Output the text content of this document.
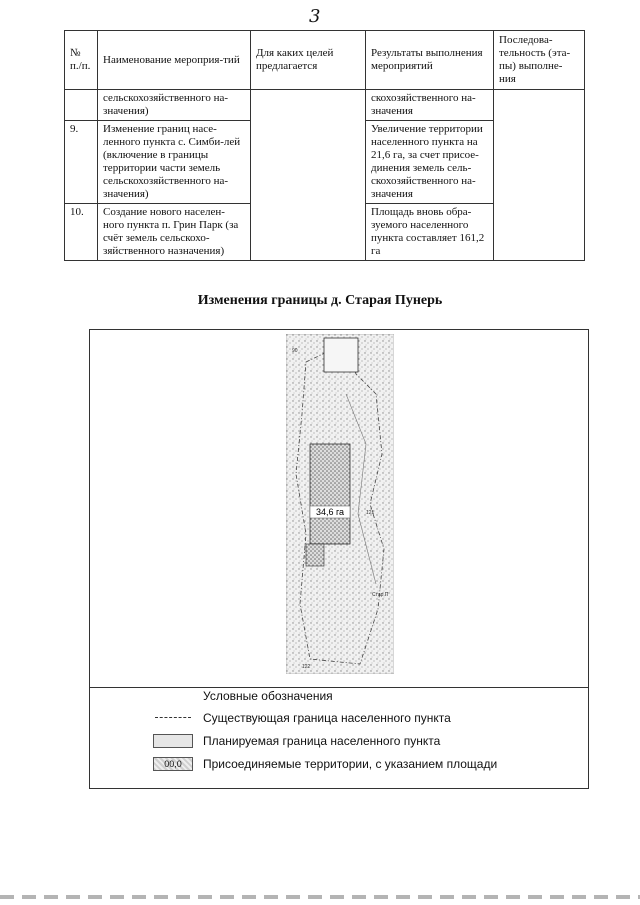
3
№ п./п.	Наименование мероприя-тий	Для каких целей предлагается	Результаты выполнения мероприятий	Последова-тельность (эта-пы) выполне-ния
	сельскохозяйственного на-значения)		скохозяйственного на-значения	
9.	Изменение границ насе-ленного пункта с. Симби-лей (включение в границы территории части земель сельскохозяйственного на-значения)		Увеличение территории населенного пункта на 21,6 га, за счет присое-динения земель сель-скохозяйственного на-значения	
10.	Создание нового населен-ного пункта п. Грин Парк (за счёт земель сельскохо-зяйственного назначения)		Площадь вновь обра-зуемого населенного пункта составляет 161,2 га	
Изменения границы д. Старая Пунерь
34,6 га
90
121
Стар.П
122
Условные обозначения
Существующая граница населенного пункта
Планируемая граница населенного пункта
00,0	Присоединяемые территории, с указанием площади
